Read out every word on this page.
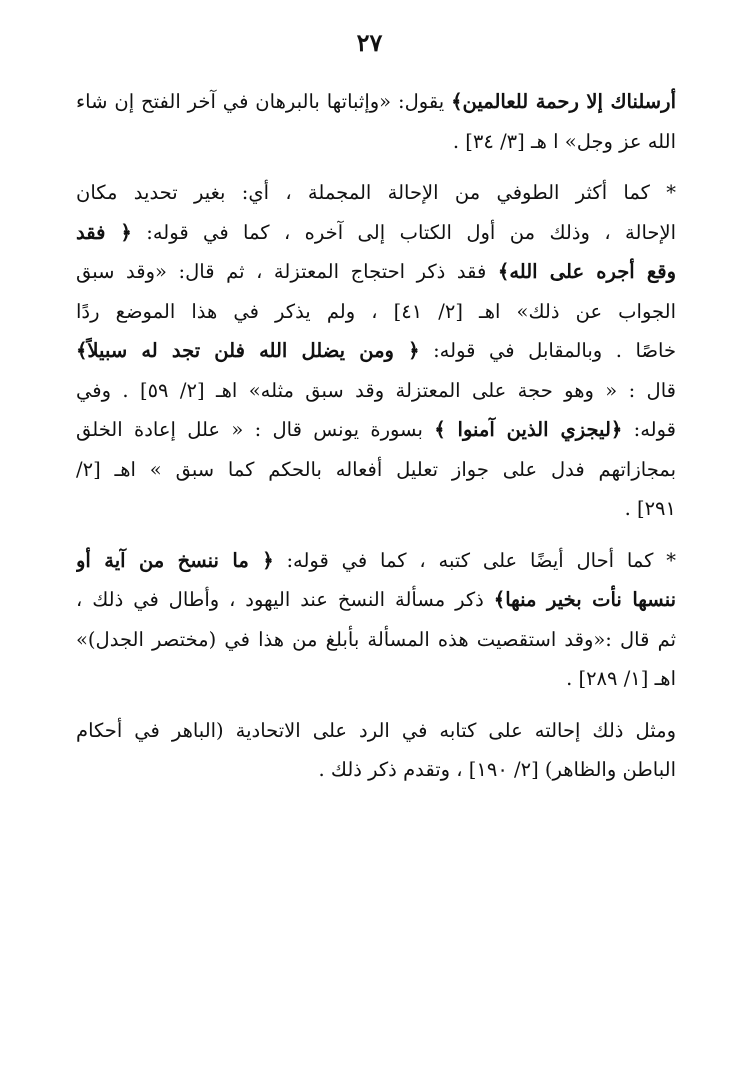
٢٧

أرسلناك إلا رحمة للعالمين﴾ يقول: «وإثباتها بالبرهان في آخر الفتح إن شاء
الله عز وجل» ا هـ [٣/ ٣٤] .

* كما أكثر الطوفي من الإحالة المجملة ، أي: بغير تحديد مكان
الإحالة ، وذلك من أول الكتاب إلى آخره ، كما في قوله: ﴿ فقد
وقع أجره على الله﴾ فقد ذكر احتجاج المعتزلة ، ثم قال: «وقد سبق
الجواب عن ذلك» اهـ [٢/ ٤١] ، ولم يذكر في هذا الموضع ردًا
خاصًا . وبالمقابل في قوله: ﴿ ومن يضلل الله فلن تجد له سبيلاً﴾
قال : « وهو حجة على المعتزلة وقد سبق مثله» اهـ [٢/ ٥٩] . وفي
قوله: ﴿ليجزي الذين آمنوا ﴾ بسورة يونس قال : « علل إعادة الخلق
بمجازاتهم فدل على جواز تعليل أفعاله بالحكم كما سبق » اهـ [٢/
٢٩١] .

* كما أحال أيضًا على كتبه ، كما في قوله: ﴿ ما ننسخ من آية أو
ننسها نأت بخير منها﴾ ذكر مسألة النسخ عند اليهود ، وأطال في ذلك ،
ثم قال :«وقد استقصيت هذه المسألة بأبلغ من هذا في (مختصر الجدل)»
اهـ [١/ ٢٨٩] .

ومثل ذلك إحالته على كتابه في الرد على الاتحادية (الباهر في أحكام
الباطن والظاهر) [٢/ ١٩٠] ، وتقدم ذكر ذلك .
